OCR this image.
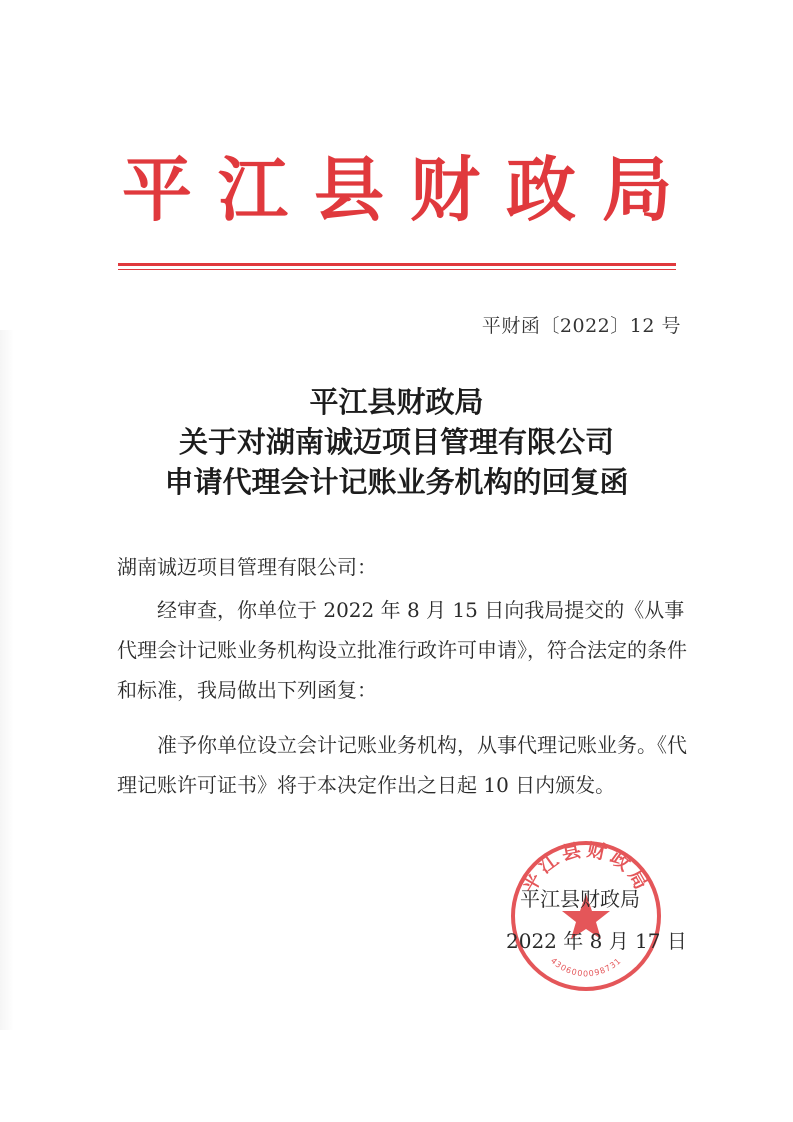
平 江 县 财 政 局
平财函〔2022〕12 号
平江县财政局
关于对湖南诚迈项目管理有限公司
申请代理会计记账业务机构的回复函
湖南诚迈项目管理有限公司：

经审查，你单位于 2022 年 8 月 15 日向我局提交的《从事代理会计记账业务机构设立批准行政许可申请》，符合法定的条件和标准，我局做出下列函复：

准予你单位设立会计记账业务机构，从事代理记账业务。《代理记账许可证书》将于本决定作出之日起 10 日内颁发。

平江县财政局
4306000098731
平江县财政局
2022 年 8 月 17 日
